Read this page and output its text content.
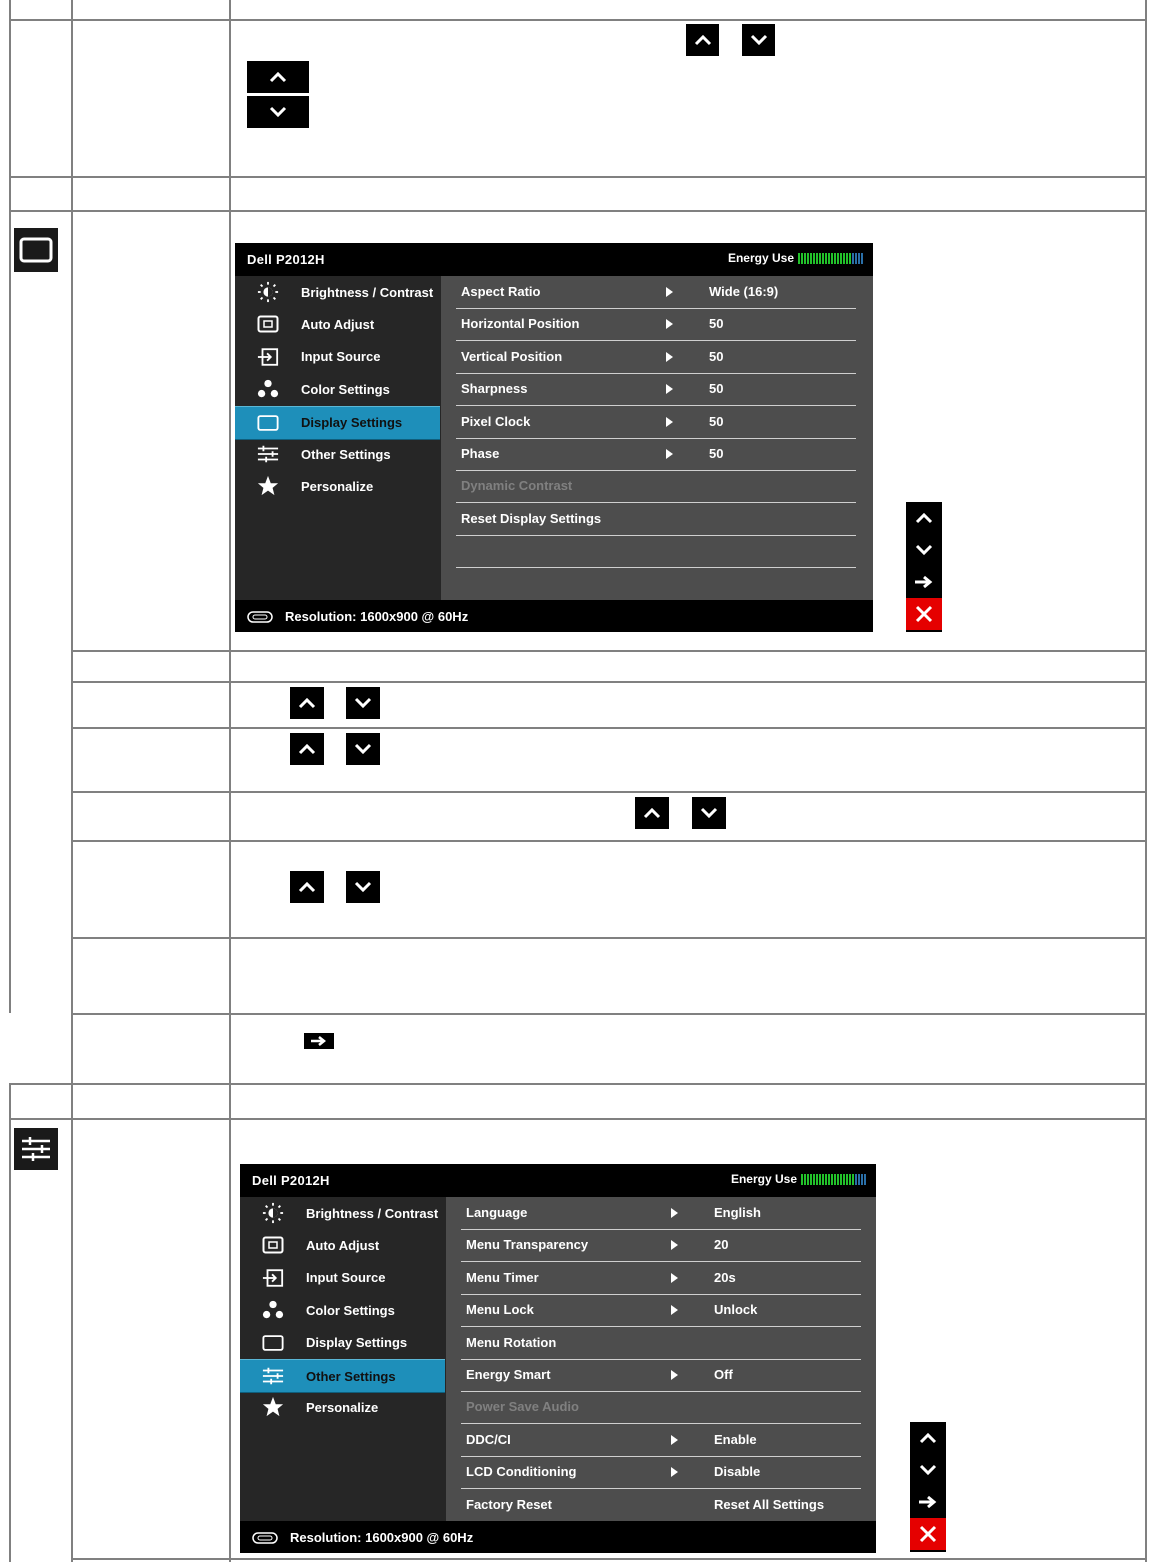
Dell P2012H	Energy Use
Brightness / Contrast
Auto Adjust
Input Source
Color Settings
Display Settings
Other Settings
Personalize
Aspect Ratio	Wide (16:9)
Horizontal Position	50
Vertical Position	50
Sharpness	50
Pixel Clock	50
Phase	50
Dynamic Contrast
Reset Display Settings
Resolution: 1600x900 @ 60Hz
Dell P2012H	Energy Use
Brightness / Contrast
Auto Adjust
Input Source
Color Settings
Display Settings
Other Settings
Personalize
Language	English
Menu Transparency	20
Menu Timer	20s
Menu Lock	Unlock
Menu Rotation
Energy Smart	Off
Power Save Audio
DDC/CI	Enable
LCD Conditioning	Disable
Factory Reset	Reset All Settings
Resolution: 1600x900 @ 60Hz
